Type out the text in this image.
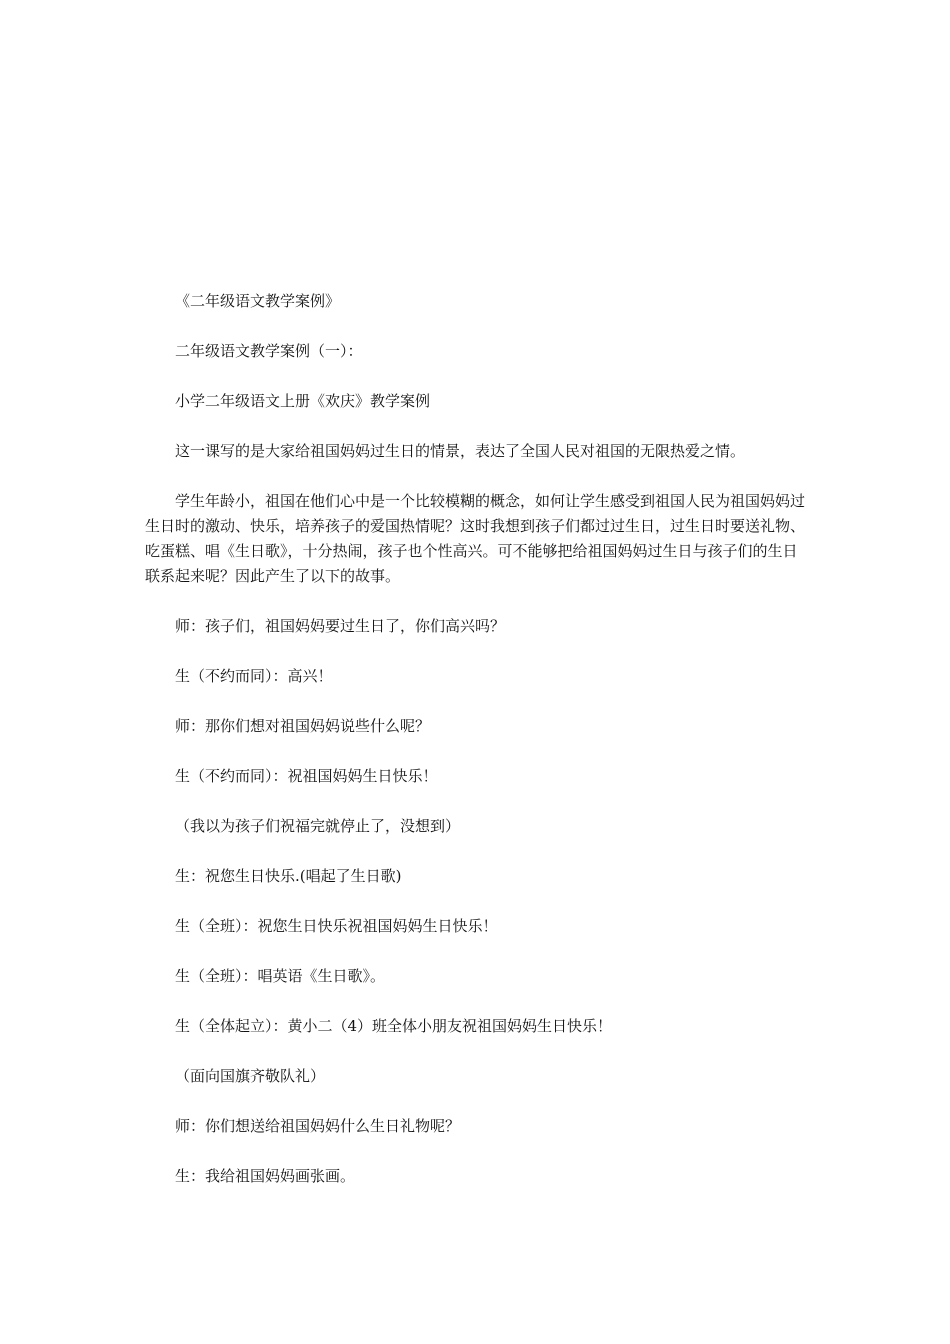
《二年级语文教学案例》

二年级语文教学案例（一）：

小学二年级语文上册《欢庆》教学案例

这一课写的是大家给祖国妈妈过生日的情景，表达了全国人民对祖国的无限热爱之情。

学生年龄小，祖国在他们心中是一个比较模糊的概念，如何让学生感受到祖国人民为祖国妈妈过生日时的激动、快乐，培养孩子的爱国热情呢？这时我想到孩子们都过过生日，过生日时要送礼物、吃蛋糕、唱《生日歌》，十分热闹，孩子也个性高兴。可不能够把给祖国妈妈过生日与孩子们的生日联系起来呢？因此产生了以下的故事。

师：孩子们，祖国妈妈要过生日了，你们高兴吗？

生（不约而同）：高兴！

师：那你们想对祖国妈妈说些什么呢？

生（不约而同）：祝祖国妈妈生日快乐！

（我以为孩子们祝福完就停止了，没想到）

生：祝您生日快乐.(唱起了生日歌)

生（全班）：祝您生日快乐祝祖国妈妈生日快乐！

生（全班）：唱英语《生日歌》。

生（全体起立）：黄小二（4）班全体小朋友祝祖国妈妈生日快乐！

（面向国旗齐敬队礼）

师：你们想送给祖国妈妈什么生日礼物呢？

生：我给祖国妈妈画张画。
